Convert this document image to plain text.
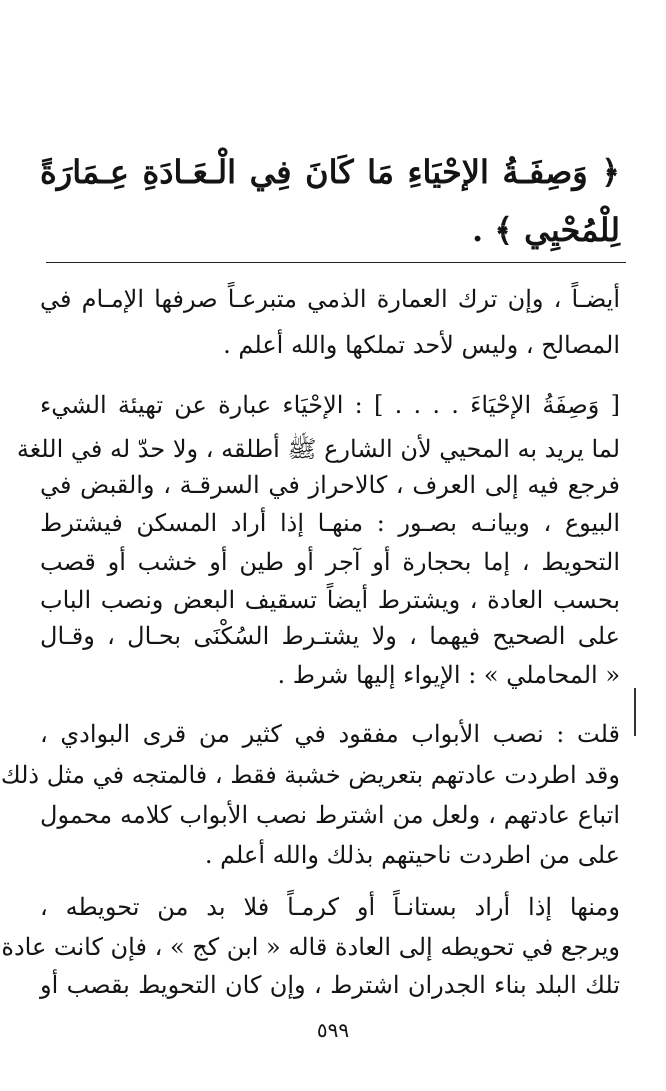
﴿ وَصِفَـةُ الإحْيَاءِ مَا كَانَ فِي الْـعَـادَةِ عِـمَارَةً
لِلْمُحْيِي ﴾ .
أيضـاً ، وإن ترك العمارة الذمي متبرعـاً صرفها الإمـام في
المصالح ، وليس لأحد تملكها والله أعلم .
[ وَصِفَةُ الإحْيَاءَ . . . . ] : الإحْيَاء عبارة عن تهيئة الشيء
لما يريد به المحيي لأن الشارع ﷺ أطلقه ، ولا حدّ له في اللغة
فرجع فيه إلى العرف ، كالاحراز في السرقـة ، والقبض في
البيوع ، وبيانـه بصـور : منهـا إذا أراد المسكن فيشترط
التحويط ، إما بحجارة أو آجر أو طين أو خشب أو قصب
بحسب العادة ، ويشترط أيضاً تسقيف البعض ونصب الباب
على الصحيح فيهما ، ولا يشتـرط السُكْنَى بحـال ، وقـال
« المحاملي » : الإيواء إليها شرط .
قلت : نصب الأبواب مفقود في كثير من قرى البوادي ،
وقد اطردت عادتهم بتعريض خشبة فقط ، فالمتجه في مثل ذلك
اتباع عادتهم ، ولعل من اشترط نصب الأبواب كلامه محمول
على من اطردت ناحيتهم بذلك والله أعلم .
ومنها إذا أراد بستانـاً أو كرمـاً فلا بد من تحويطه ،
ويرجع في تحويطه إلى العادة قاله « ابن كج » ، فإن كانت عادة
تلك البلد بناء الجدران اشترط ، وإن كان التحويط بقصب أو
٥٩٩
